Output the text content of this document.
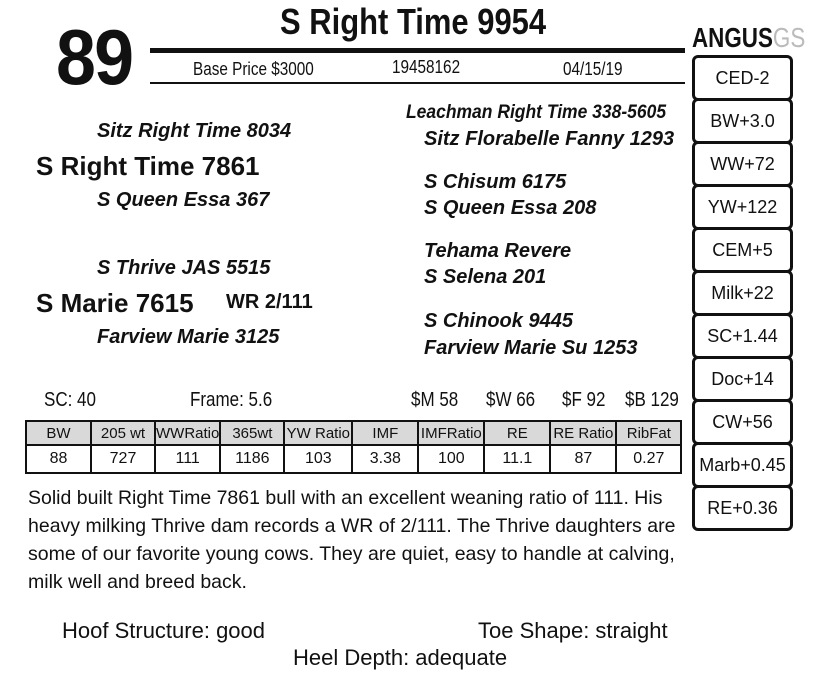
89	S Right Time 9954
Base Price $3000	19458162	04/15/19
ANGUSGS
Sitz Right Time 8034
S Right Time 7861
S Queen Essa 367
S Thrive JAS 5515
S Marie 7615 WR 2/111
Farview Marie 3125
Leachman Right Time 338-5605
Sitz Florabelle Fanny 1293
S Chisum 6175
S Queen Essa 208
Tehama Revere
S Selena 201
S Chinook 9445
Farview Marie Su 1253
CED-2
BW+3.0
WW+72
YW+122
CEM+5
Milk+22
SC+1.44
Doc+14
CW+56
Marb+0.45
RE+0.36
SC: 40	Frame: 5.6	$M 58 $W 66 $F 92 $B 129
BW	205 wt	WWRatio	365wt	YW Ratio	IMF	IMFRatio	RE	RE Ratio	RibFat
88	727	111	1186	103	3.38	100	11.1	87	0.27
Solid built Right Time 7861 bull with an excellent weaning ratio of 111. His heavy milking Thrive dam records a WR of 2/111. The Thrive daughters are some of our favorite young cows. They are quiet, easy to handle at calving, milk well and breed back.
Hoof Structure: good	Toe Shape: straight
Heel Depth: adequate
